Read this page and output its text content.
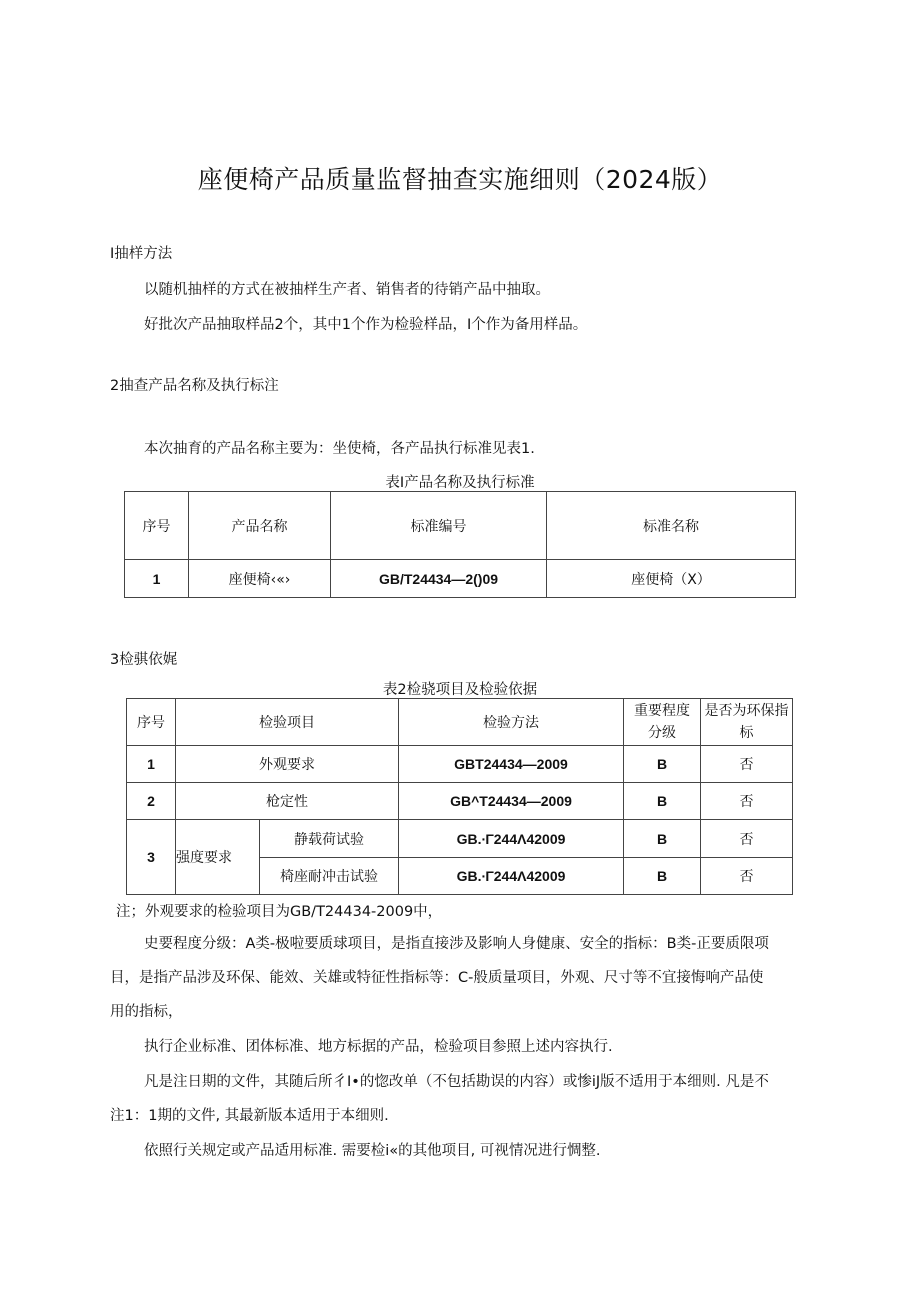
座便椅产品质量监督抽查实施细则（2024版）
I抽样方法
以随机抽样的方式在被抽样生产者、销售者的待销产品中抽取。
好批次产品抽取样品2个，其中1个作为检验样品，I个作为备用样品。
2抽查产品名称及执行标注
本次抽育的产品名称主要为：坐使椅，各产品执行标准见表1.
表I产品名称及执行标准
序号	产品名称	标准编号	标准名称
1	座便椅‹«›	GB/T24434—2()09	座便椅（X）
3检骐依娓
表2检骁项目及检验依据
序号	检验项目		检验方法	重要程度分级	是否为环保指标

1	外观要求		GBT24434—2009	B	否
2	枪定性		GB^T24434—2009	B	否
3	强度要求	静载荷试验	GB.∙Γ244Λ42009	B	否
		椅座耐冲击试验	GB.∙Γ244Λ42009	B	否
注；外观要求的检验项目为GB/T24434-2009中，
史要程度分级：A类-极啦要质球项目，是指直接涉及影响人身健康、安全的指标：B类-正要质限项
目，是指产品涉及环保、能效、关雄或特征性指标等：C-般质量项目，外观、尺寸等不宜接悔响产品使
用的指标，
执行企业标准、团体标准、地方标据的产品，检验项目参照上述内容执行.
凡是注日期的文件，其随后所彳I•的惚改单（不包括勘误的内容）或惨iJ版不适用于本细则. 凡是不
注1：1期的文件, 其最新版本适用于本细则.
依照行关规定或产品适用标准. 需要检i«的其他项目, 可视情况进行惆整.
